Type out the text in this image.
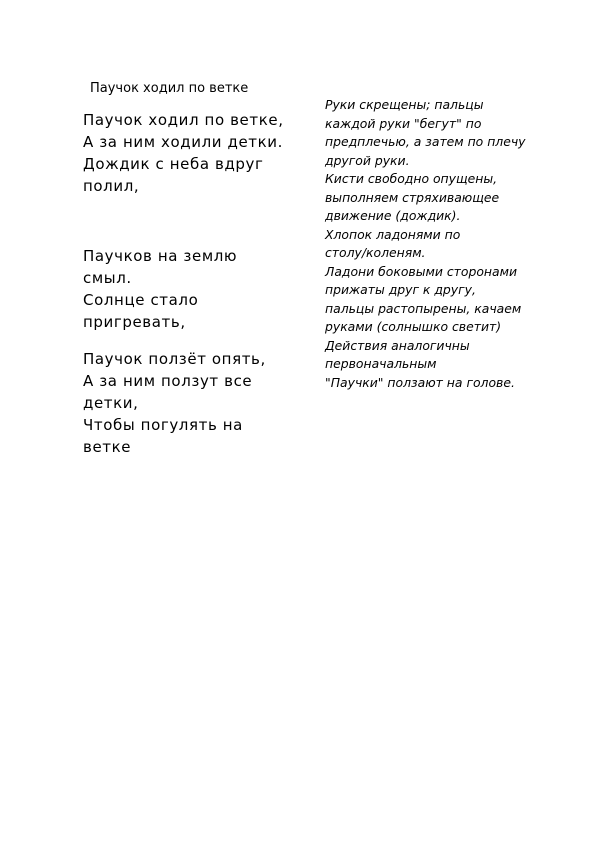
Паучок ходил по ветке
Паучок ходил по ветке,
А за ним ходили детки.
Дождик с неба вдруг
полил,
Паучков на землю
смыл.
Солнце стало
пригревать,
Паучок ползёт опять,
А за ним ползут все
детки,
Чтобы погулять на
ветке
Руки скрещены; пальцы
каждой руки "бегут" по
предплечью, а затем по плечу
другой руки.
Кисти свободно опущены,
выполняем стряхивающее
движение (дождик).
Хлопок ладонями по
столу/коленям.
Ладони боковыми сторонами
прижаты друг к другу,
пальцы растопырены, качаем
руками (солнышко светит)
Действия аналогичны
первоначальным
"Паучки" ползают на голове.
